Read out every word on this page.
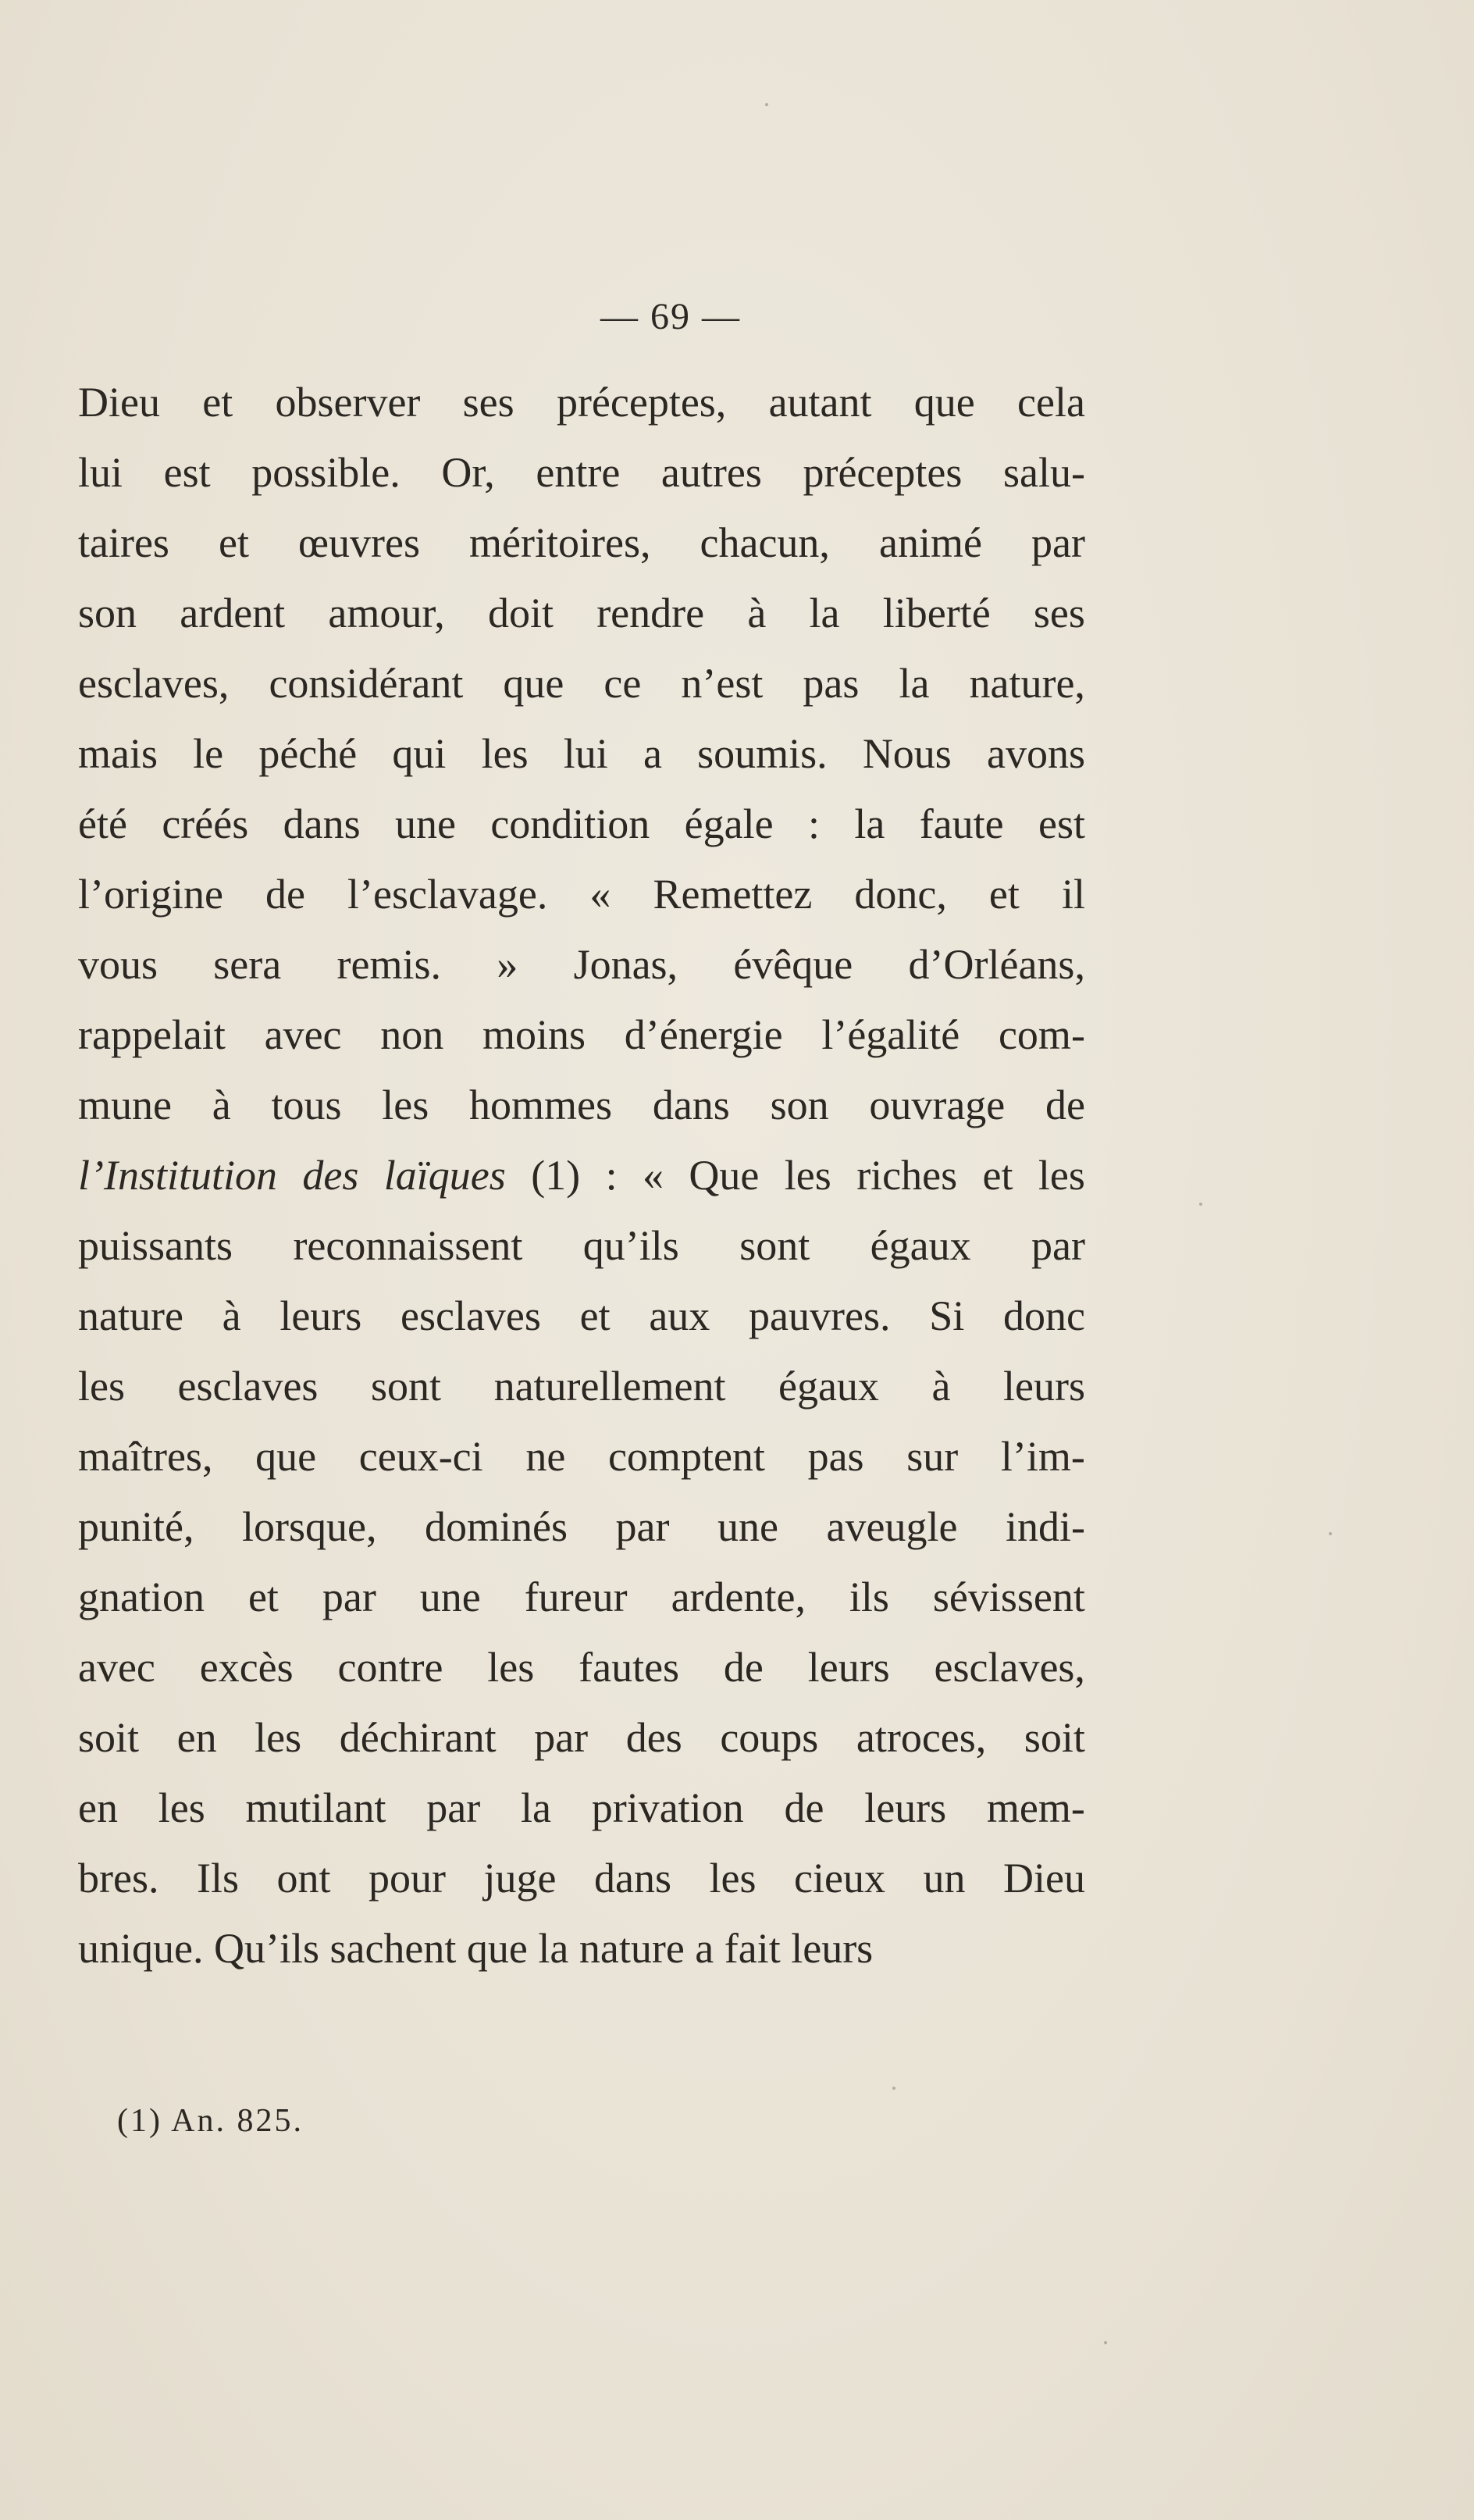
— 69 —
Dieu et observer ses préceptes, autant que cela
lui est possible. Or, entre autres préceptes salu-
taires et œuvres méritoires, chacun, animé par
son ardent amour, doit rendre à la liberté ses
esclaves, considérant que ce n’est pas la nature,
mais le péché qui les lui a soumis. Nous avons
été créés dans une condition égale : la faute est
l’origine de l’esclavage. « Remettez donc, et il
vous sera remis. » Jonas, évêque d’Orléans,
rappelait avec non moins d’énergie l’égalité com-
mune à tous les hommes dans son ouvrage de
l’Institution des laïques (1) : « Que les riches et les
puissants reconnaissent qu’ils sont égaux par
nature à leurs esclaves et aux pauvres. Si donc
les esclaves sont naturellement égaux à leurs
maîtres, que ceux-ci ne comptent pas sur l’im-
punité, lorsque, dominés par une aveugle indi-
gnation et par une fureur ardente, ils sévissent
avec excès contre les fautes de leurs esclaves,
soit en les déchirant par des coups atroces, soit
en les mutilant par la privation de leurs mem-
bres. Ils ont pour juge dans les cieux un Dieu
unique. Qu’ils sachent que la nature a fait leurs
(1) An. 825.
